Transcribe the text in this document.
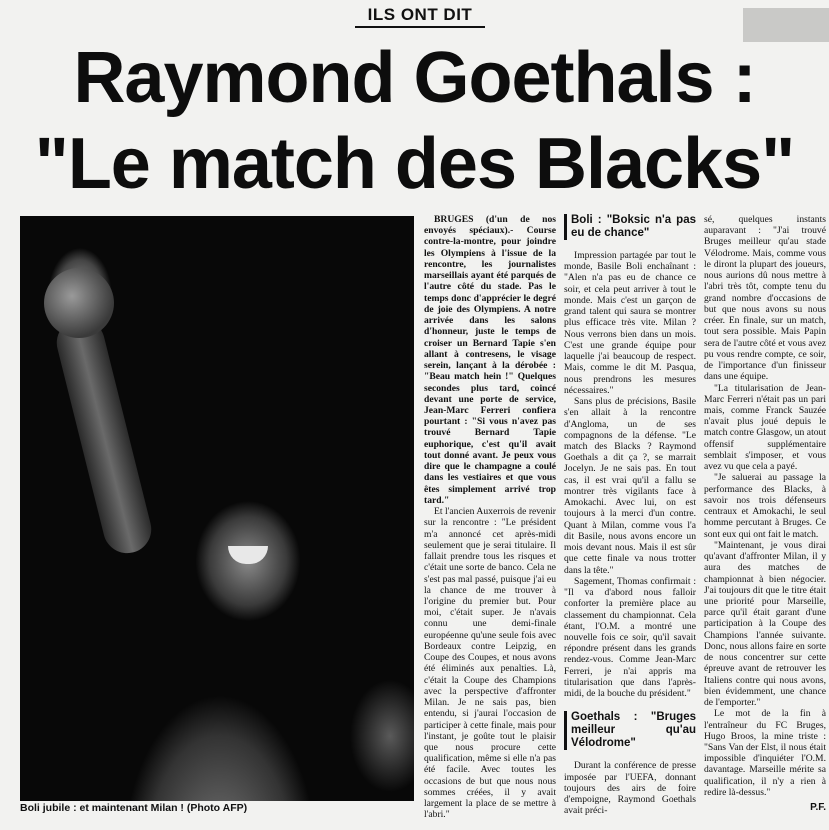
ILS ONT DIT
Raymond Goethals :
"Le match des Blacks"
Boli jubile : et maintenant Milan ! (Photo AFP)

BRUGES (d'un de nos envoyés spéciaux).- Course contre-la-montre, pour joindre les Olympiens à l'issue de la rencontre, les journalistes marseillais ayant été parqués de l'autre côté du stade. Pas le temps donc d'apprécier le degré de joie des Olympiens. A notre arrivée dans les salons d'honneur, juste le temps de croiser un Bernard Tapie s'en allant à contresens, le visage serein, lançant à la dérobée : "Beau match hein !" Quelques secondes plus tard, coincé devant une porte de service, Jean-Marc Ferreri confiera pourtant : "Si vous n'avez pas trouvé Bernard Tapie euphorique, c'est qu'il avait tout donné avant. Je peux vous dire que le champagne a coulé dans les vestiaires et que vous êtes simplement arrivé trop tard."

Et l'ancien Auxerrois de revenir sur la rencontre : "Le président m'a annoncé cet après-midi seulement que je serai titulaire. Il fallait prendre tous les risques et c'était une sorte de banco. Cela ne s'est pas mal passé, puisque j'ai eu la chance de me trouver à l'origine du premier but. Pour moi, c'était super. Je n'avais connu une demi-finale européenne qu'une seule fois avec Bordeaux contre Leipzig, en Coupe des Coupes, et nous avons été éliminés aux penalties. Là, c'était la Coupe des Champions avec la perspective d'affronter Milan. Je ne sais pas, bien entendu, si j'aurai l'occasion de participer à cette finale, mais pour l'instant, je goûte tout le plaisir que nous procure cette qualification, même si elle n'a pas été facile. Avec toutes les occasions de but que nous nous sommes créées, il y avait largement la place de se mettre à l'abri."

Boli : "Boksic n'a pas eu de chance"

Impression partagée par tout le monde, Basile Boli enchaînant : "Alen n'a pas eu de chance ce soir, et cela peut arriver à tout le monde. Mais c'est un garçon de grand talent qui saura se montrer plus efficace très vite. Milan ? Nous verrons bien dans un mois. C'est une grande équipe pour laquelle j'ai beaucoup de respect. Mais, comme le dit M. Pasqua, nous prendrons les mesures nécessaires."

Sans plus de précisions, Basile s'en allait à la rencontre d'Angloma, un de ses compagnons de la défense. "Le match des Blacks ? Raymond Goethals a dit ça ?, se marrait Jocelyn. Je ne sais pas. En tout cas, il est vrai qu'il a fallu se montrer très vigilants face à Amokachi. Avec lui, on est toujours à la merci d'un contre. Quant à Milan, comme vous l'a dit Basile, nous avons encore un mois devant nous. Mais il est sûr que cette finale va nous trotter dans la tête."

Sagement, Thomas confirmait : "Il va d'abord nous falloir conforter la première place au classement du championnat. Cela étant, l'O.M. a montré une nouvelle fois ce soir, qu'il savait répondre présent dans les grands rendez-vous. Comme Jean-Marc Ferreri, je n'ai appris ma titularisation que dans l'après-midi, de la bouche du président."

Goethals : "Bruges meilleur qu'au Vélodrome"

Durant la conférence de presse imposée par l'UEFA, donnant toujours des airs de foire d'empoigne, Raymond Goethals avait préci-

sé, quelques instants auparavant : "J'ai trouvé Bruges meilleur qu'au stade Vélodrome. Mais, comme vous le diront la plupart des joueurs, nous aurions dû nous mettre à l'abri très tôt, compte tenu du grand nombre d'occasions de but que nous avons su nous créer. En finale, sur un match, tout sera possible. Mais Papin sera de l'autre côté et vous avez pu vous rendre compte, ce soir, de l'importance d'un finisseur dans une équipe.

"La titularisation de Jean-Marc Ferreri n'était pas un pari mais, comme Franck Sauzée n'avait plus joué depuis le match contre Glasgow, un atout offensif supplémentaire semblait s'imposer, et vous avez vu que cela a payé.

"Je saluerai au passage la performance des Blacks, à savoir nos trois défenseurs centraux et Amokachi, le seul homme percutant à Bruges. Ce sont eux qui ont fait le match.

"Maintenant, je vous dirai qu'avant d'affronter Milan, il y aura des matches de championnat à bien négocier. J'ai toujours dit que le titre était une priorité pour Marseille, parce qu'il était garant d'une participation à la Coupe des Champions l'année suivante. Donc, nous allons faire en sorte de nous concentrer sur cette épreuve avant de retrouver les Italiens contre qui nous avons, bien évidemment, une chance de l'emporter."

Le mot de la fin à l'entraîneur du FC Bruges, Hugo Broos, la mine triste : "Sans Van der Elst, il nous était impossible d'inquiéter l'O.M. davantage. Marseille mérite sa qualification, il n'y a rien à redire là-dessus."

P.F.
